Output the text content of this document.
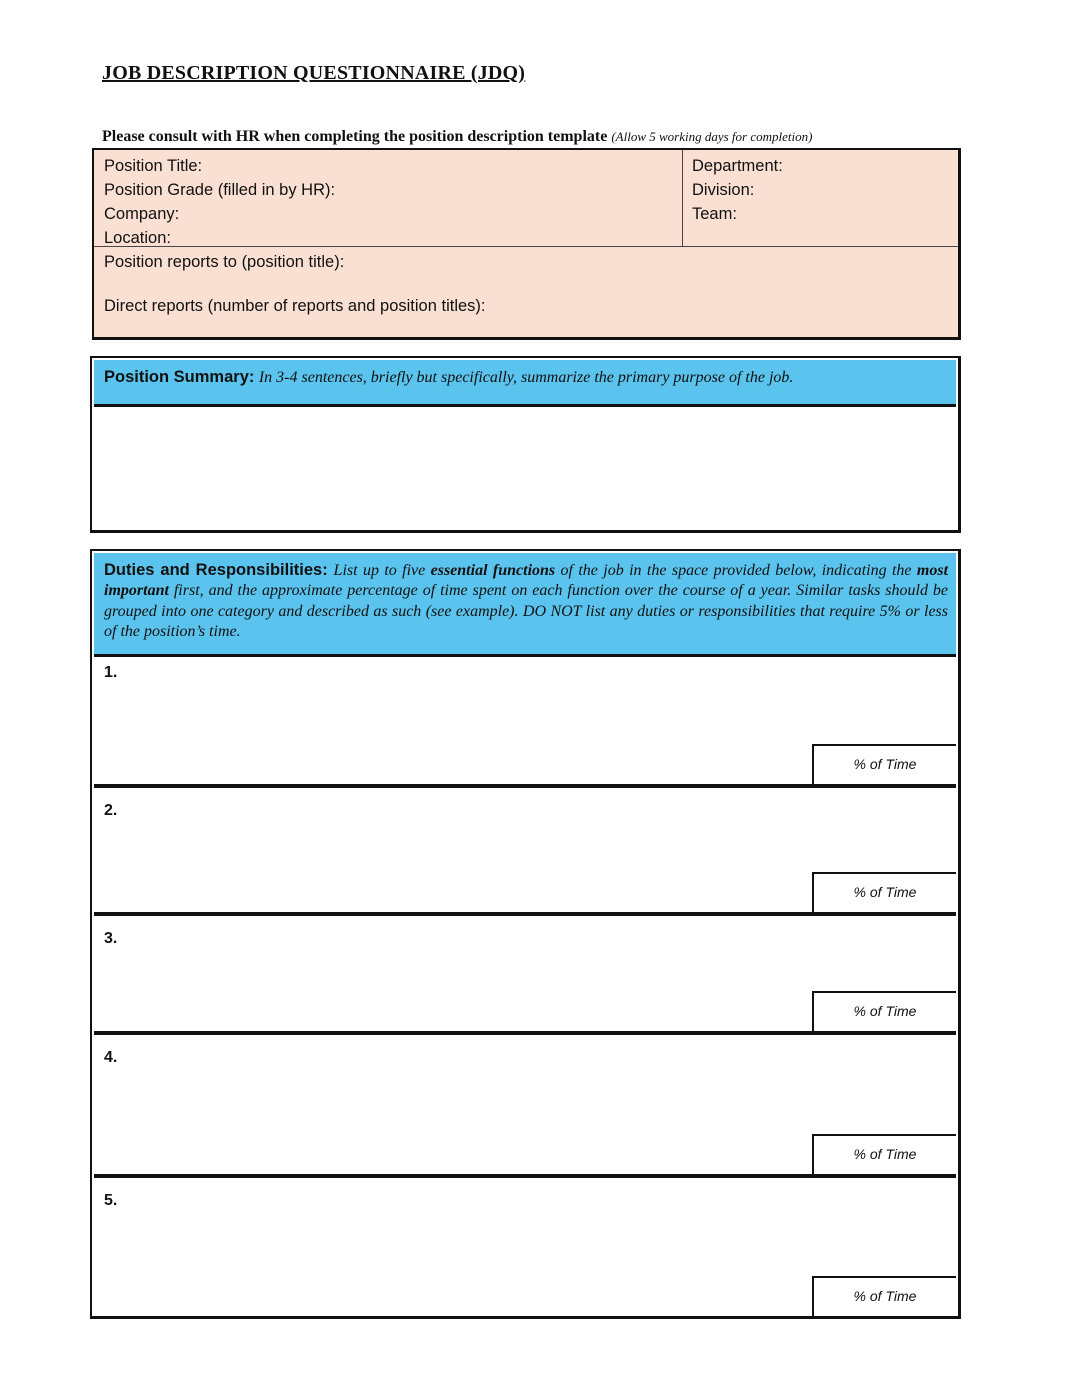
JOB DESCRIPTION QUESTIONNAIRE (JDQ)
Please consult with HR when completing the position description template (Allow 5 working days for completion)
Position Title:
Position Grade (filled in by HR):
Company:
Location:
Department:
Division:
Team:
Position reports to (position title):
Direct reports (number of reports and position titles):
Position Summary: In 3-4 sentences, briefly but specifically, summarize the primary purpose of the job.
Duties and Responsibilities: List up to five essential functions of the job in the space provided below, indicating the most important first, and the approximate percentage of time spent on each function over the course of a year. Similar tasks should be grouped into one category and described as such (see example). DO NOT list any duties or responsibilities that require 5% or less of the position’s time.
1.
% of Time
2.
% of Time
3.
% of Time
4.
% of Time
5.
% of Time
